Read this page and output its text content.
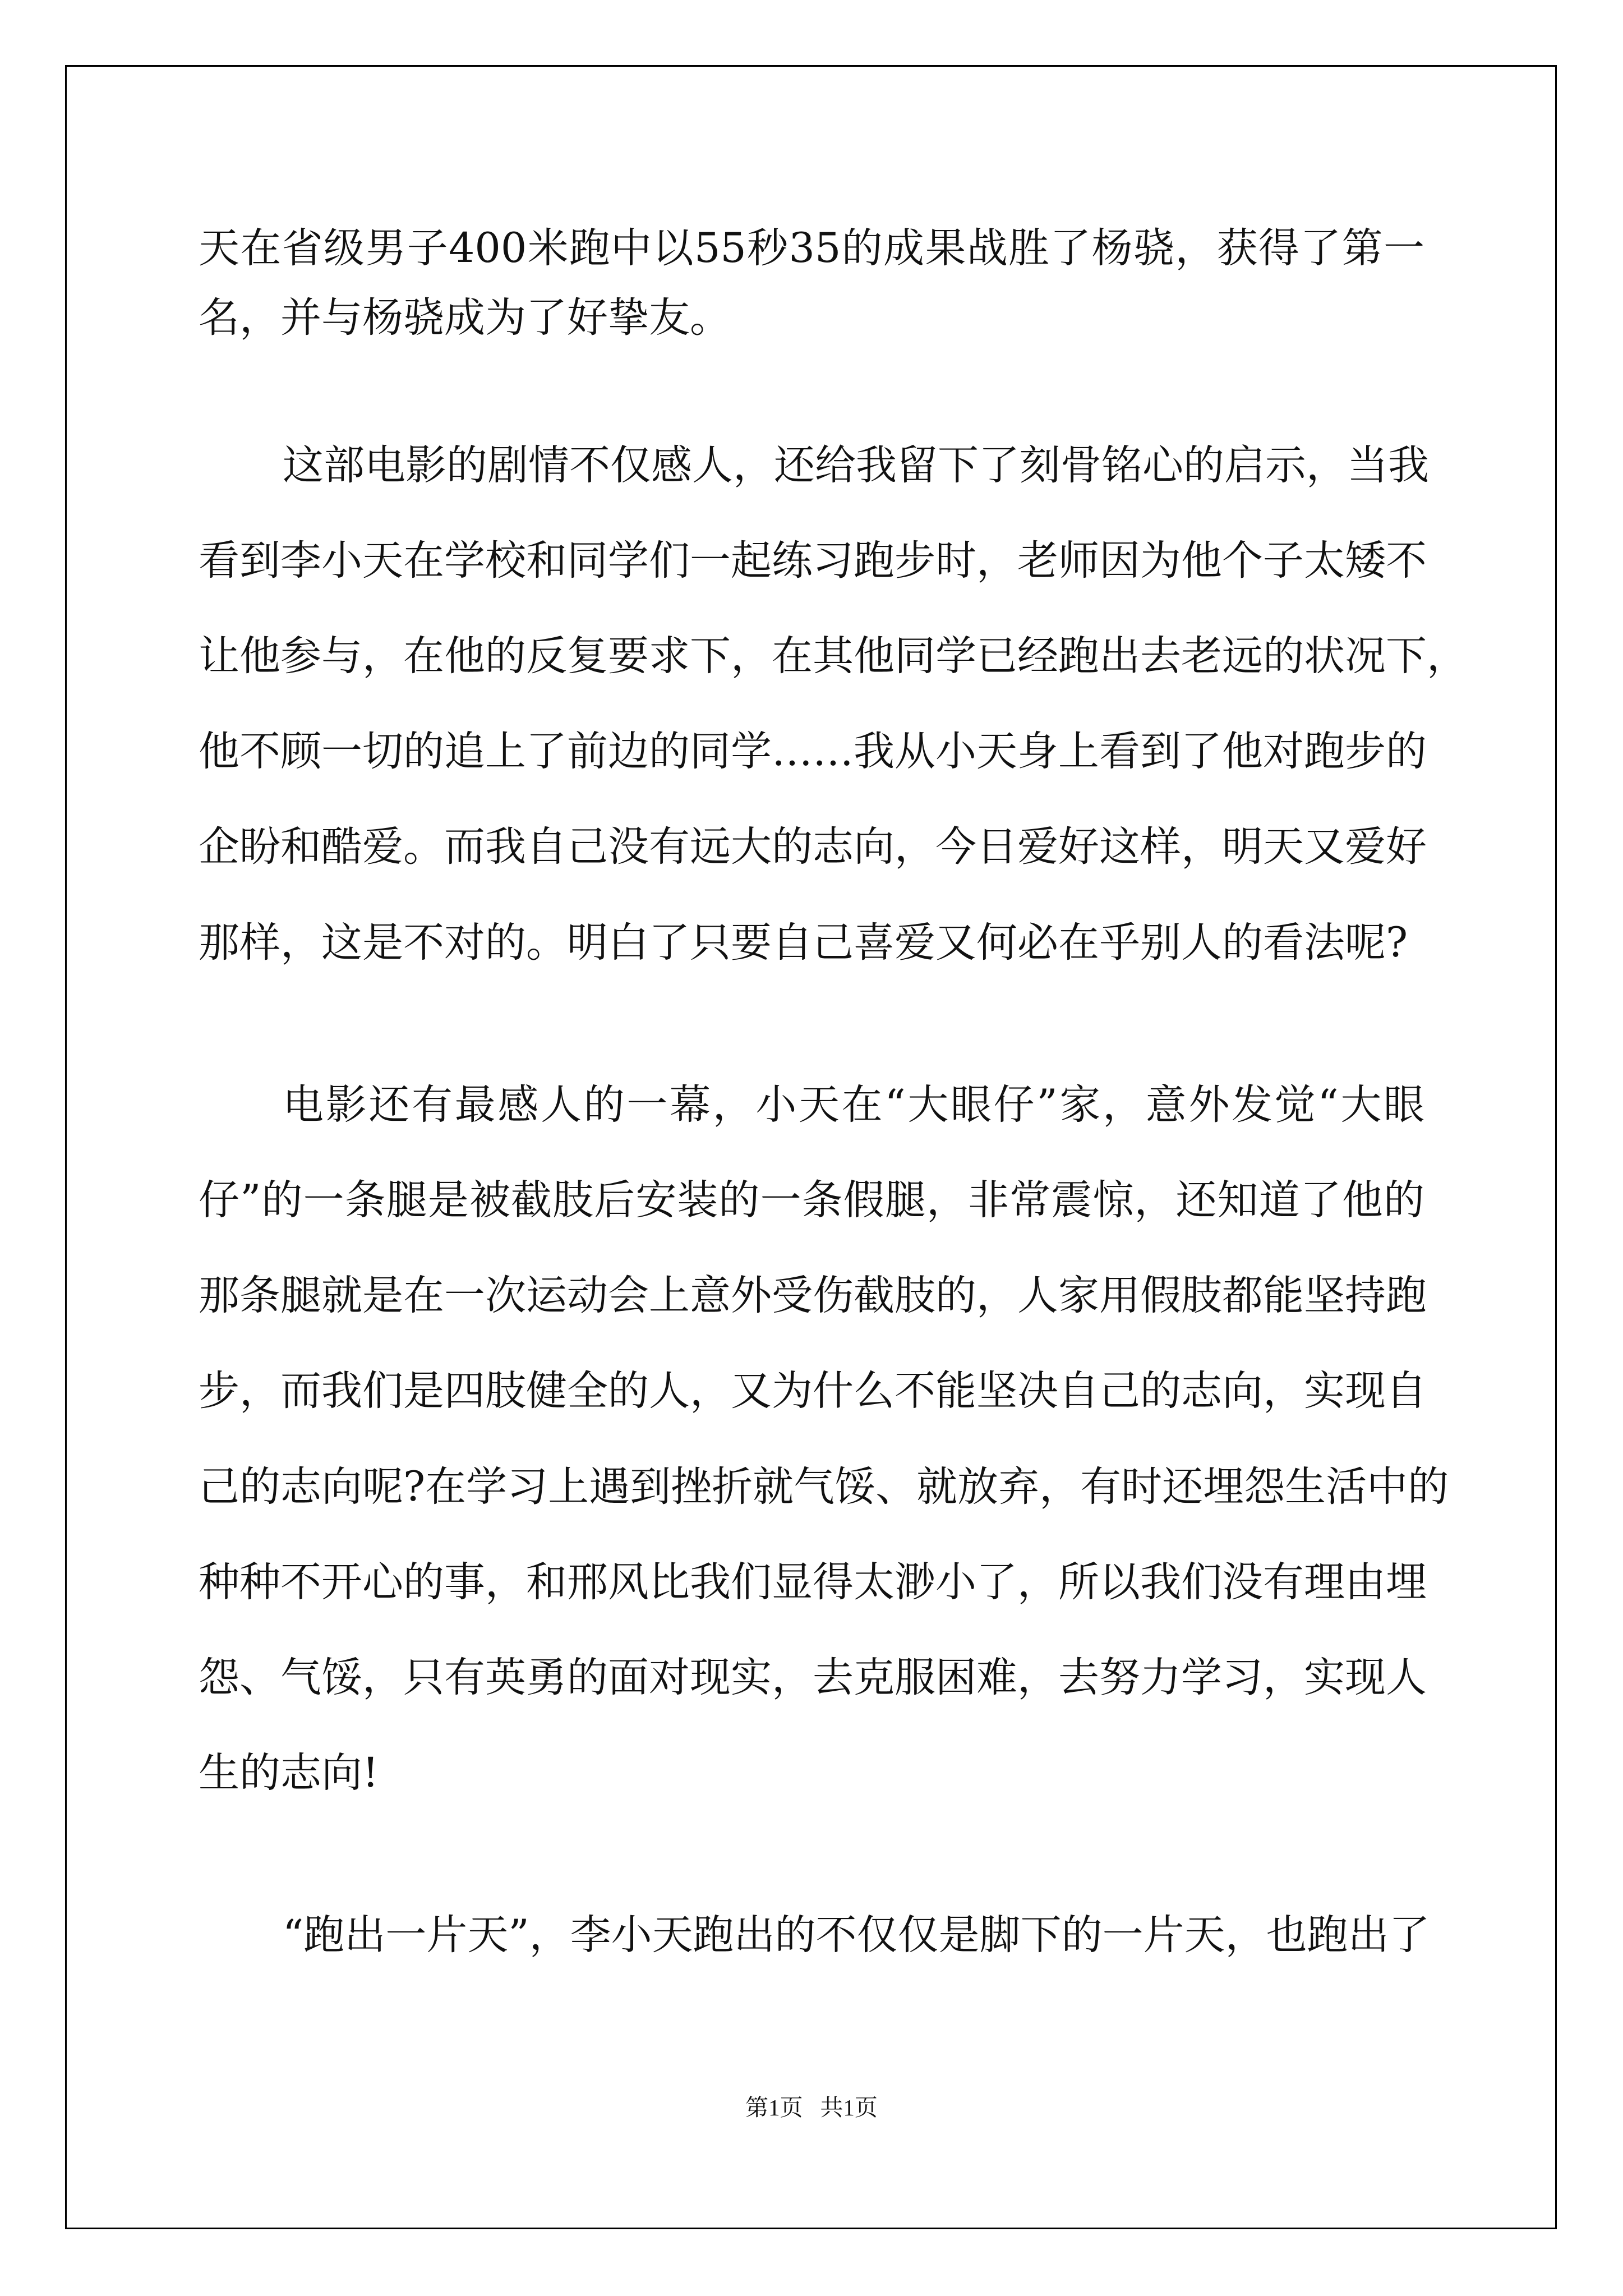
天在省级男子400米跑中以55秒35的成果战胜了杨骁，获得了第一
名，并与杨骁成为了好挚友。
这部电影的剧情不仅感人，还给我留下了刻骨铭心的启示，当我
看到李小天在学校和同学们一起练习跑步时，老师因为他个子太矮不
让他参与，在他的反复要求下，在其他同学已经跑出去老远的状况下，
他不顾一切的追上了前边的同学……我从小天身上看到了他对跑步的
企盼和酷爱。而我自己没有远大的志向，今日爱好这样，明天又爱好
那样，这是不对的。明白了只要自己喜爱又何必在乎别人的看法呢?
电影还有最感人的一幕，小天在“大眼仔”家，意外发觉“大眼
仔”的一条腿是被截肢后安装的一条假腿，非常震惊，还知道了他的
那条腿就是在一次运动会上意外受伤截肢的，人家用假肢都能坚持跑
步，而我们是四肢健全的人，又为什么不能坚决自己的志向，实现自
己的志向呢?在学习上遇到挫折就气馁、就放弃，有时还埋怨生活中的
种种不开心的事，和邢风比我们显得太渺小了，所以我们没有理由埋
怨、气馁，只有英勇的面对现实，去克服困难，去努力学习，实现人
生的志向!
“跑出一片天”，李小天跑出的不仅仅是脚下的一片天，也跑出了
第1页   共1页
